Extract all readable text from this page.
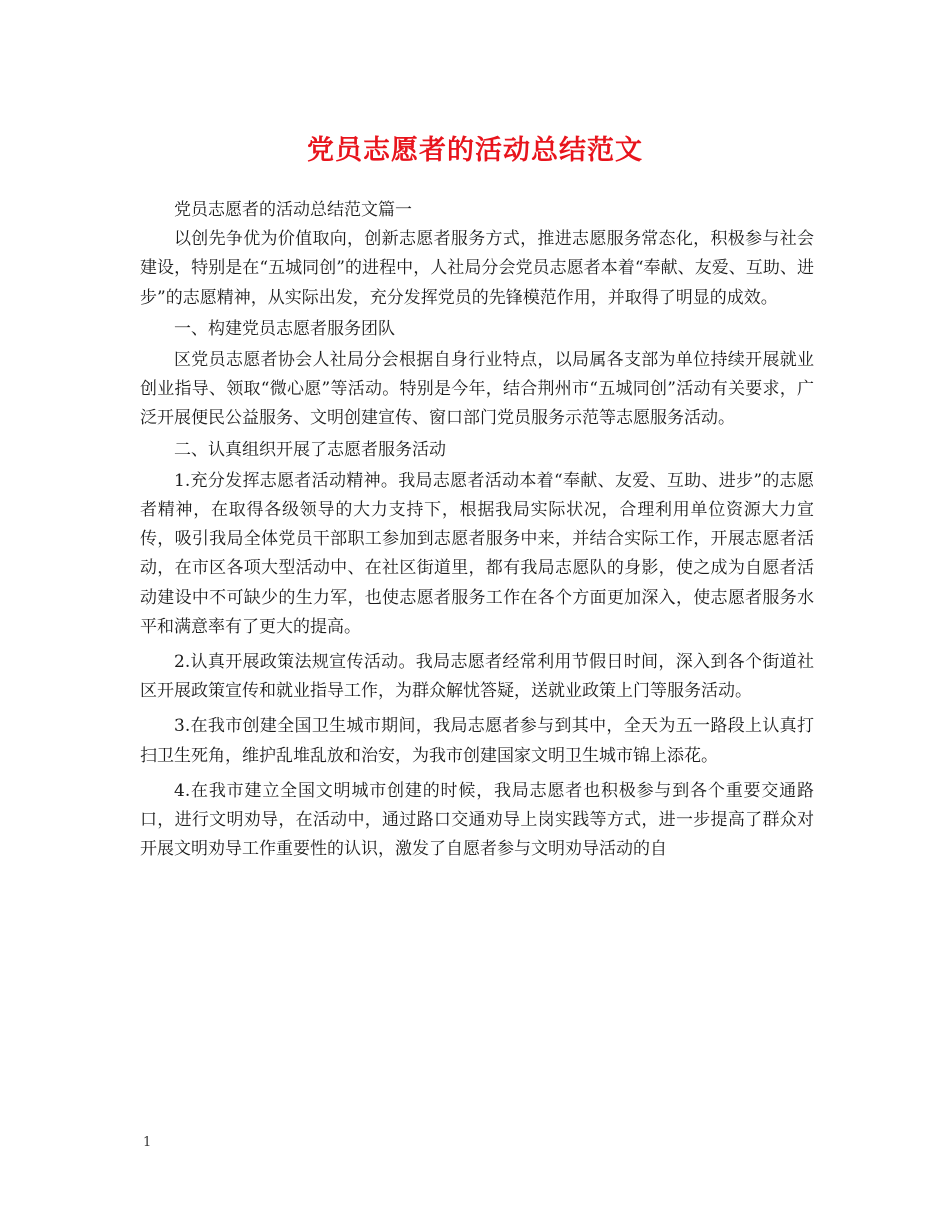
党员志愿者的活动总结范文

党员志愿者的活动总结范文篇一

以创先争优为价值取向，创新志愿者服务方式，推进志愿服务常态化，积极参与社会建设，特别是在“五城同创”的进程中，人社局分会党员志愿者本着“奉献、友爱、互助、进步”的志愿精神，从实际出发，充分发挥党员的先锋模范作用，并取得了明显的成效。

一、构建党员志愿者服务团队

区党员志愿者协会人社局分会根据自身行业特点，以局属各支部为单位持续开展就业创业指导、领取“微心愿”等活动。特别是今年，结合荆州市“五城同创”活动有关要求，广泛开展便民公益服务、文明创建宣传、窗口部门党员服务示范等志愿服务活动。

二、认真组织开展了志愿者服务活动

1.充分发挥志愿者活动精神。我局志愿者活动本着“奉献、友爱、互助、进步”的志愿者精神，在取得各级领导的大力支持下，根据我局实际状况，合理利用单位资源大力宣传，吸引我局全体党员干部职工参加到志愿者服务中来，并结合实际工作，开展志愿者活动，在市区各项大型活动中、在社区街道里，都有我局志愿队的身影，使之成为自愿者活动建设中不可缺少的生力军，也使志愿者服务工作在各个方面更加深入，使志愿者服务水平和满意率有了更大的提高。

2.认真开展政策法规宣传活动。我局志愿者经常利用节假日时间，深入到各个街道社区开展政策宣传和就业指导工作，为群众解忧答疑，送就业政策上门等服务活动。

3.在我市创建全国卫生城市期间，我局志愿者参与到其中，全天为五一路段上认真打扫卫生死角，维护乱堆乱放和治安，为我市创建国家文明卫生城市锦上添花。

4.在我市建立全国文明城市创建的时候，我局志愿者也积极参与到各个重要交通路口，进行文明劝导，在活动中，通过路口交通劝导上岗实践等方式，进一步提高了群众对开展文明劝导工作重要性的认识，激发了自愿者参与文明劝导活动的自

1
